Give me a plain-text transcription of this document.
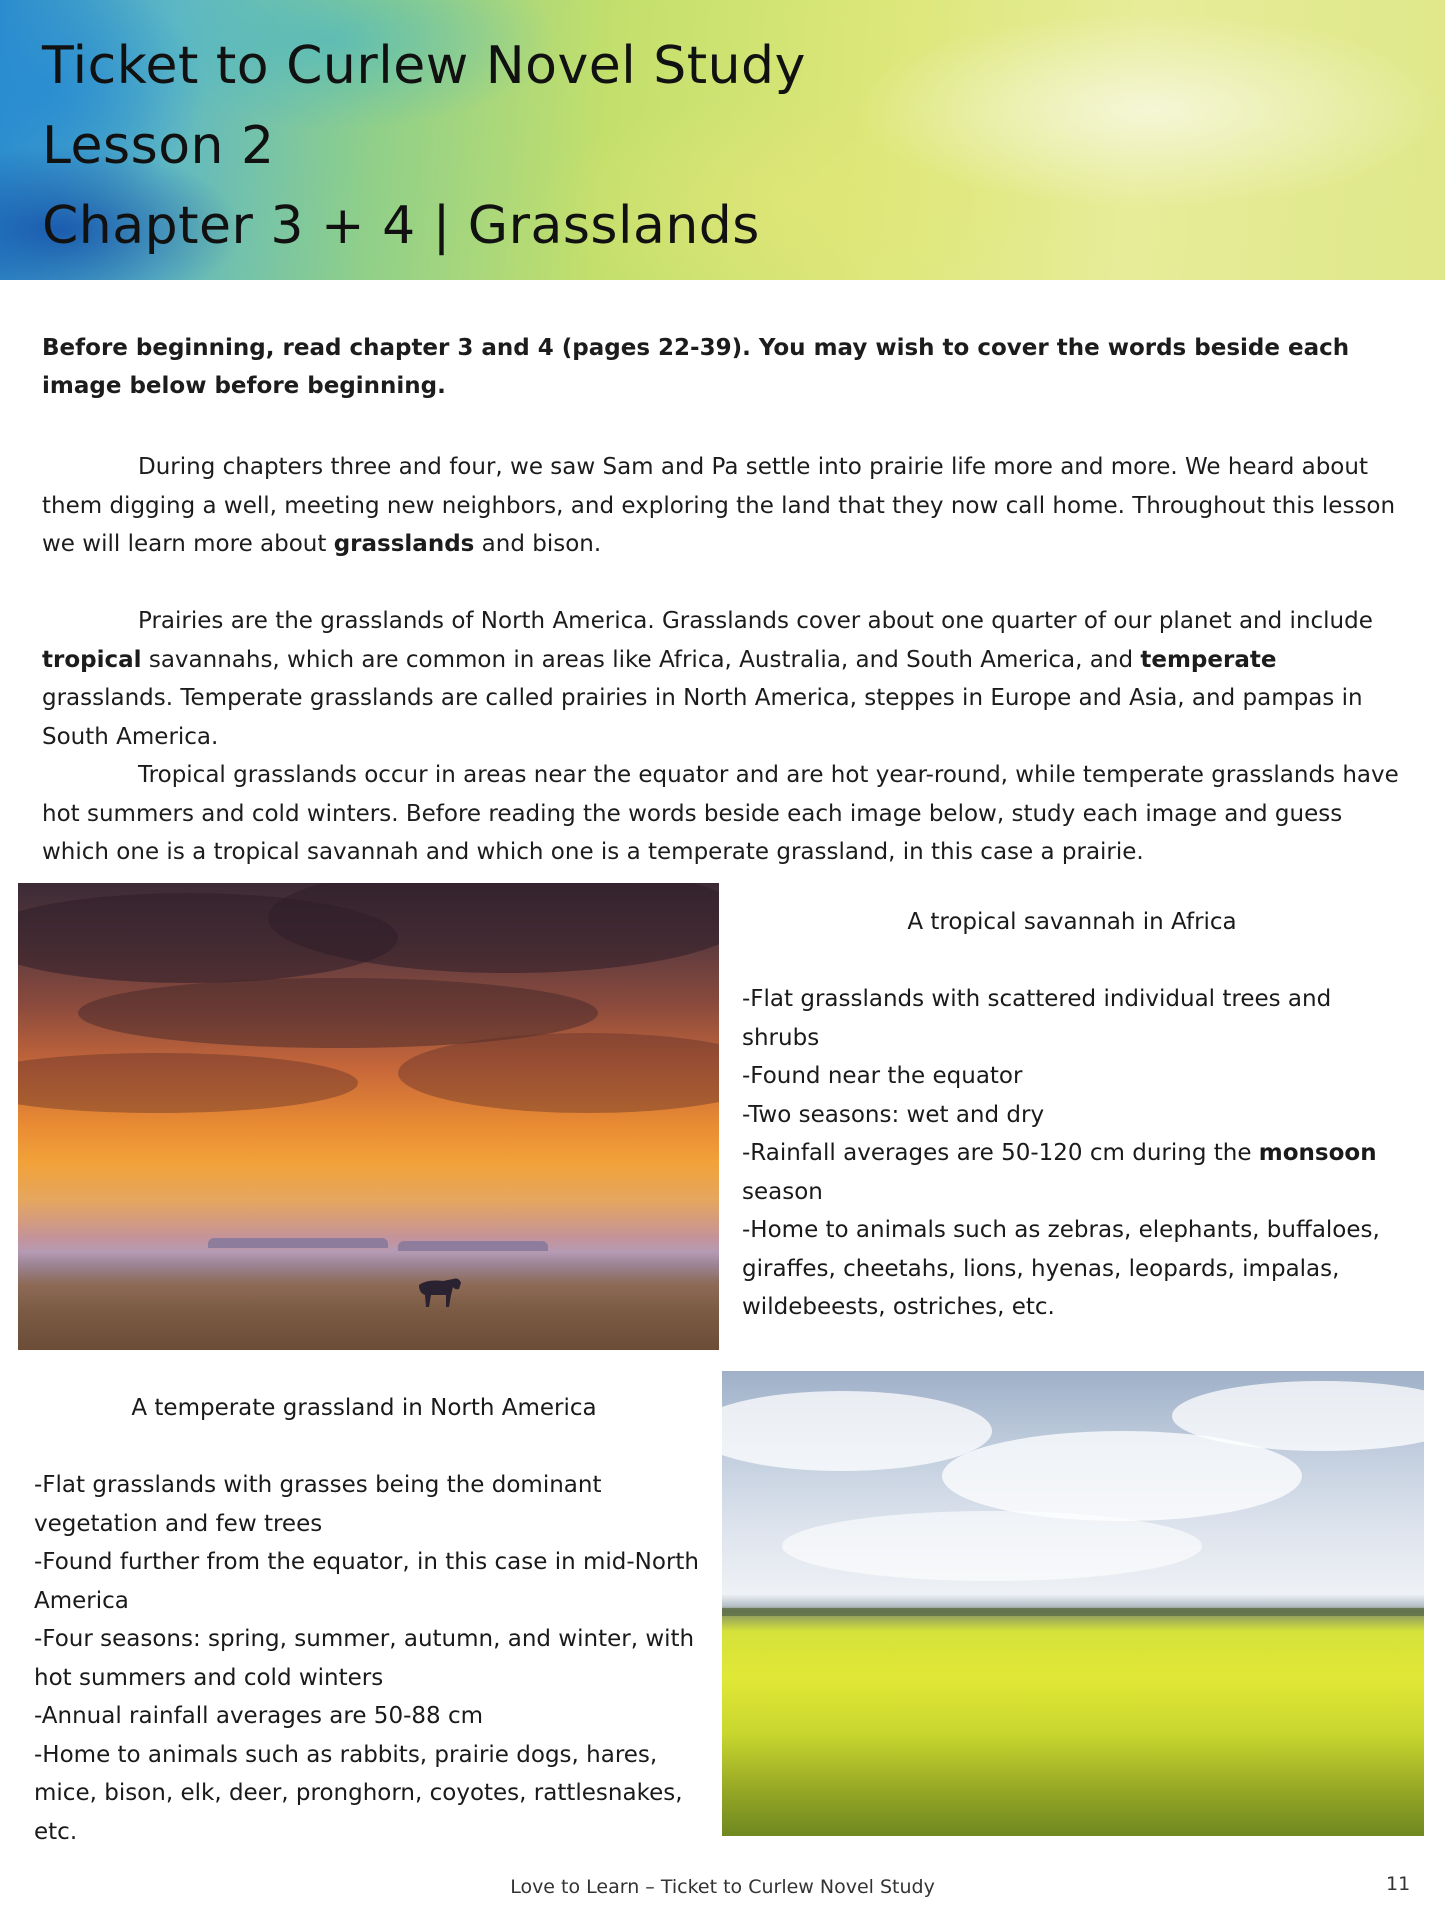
Ticket to Curlew Novel Study
Lesson 2
Chapter 3 + 4 | Grasslands
Before beginning, read chapter 3 and 4 (pages 22-39). You may wish to cover the words beside each image below before beginning.
During chapters three and four, we saw Sam and Pa settle into prairie life more and more. We heard about them digging a well, meeting new neighbors, and exploring the land that they now call home. Throughout this lesson we will learn more about grasslands and bison.
Prairies are the grasslands of North America. Grasslands cover about one quarter of our planet and include tropical savannahs, which are common in areas like Africa, Australia, and South America, and temperate grasslands. Temperate grasslands are called prairies in North America, steppes in Europe and Asia, and pampas in South America.
Tropical grasslands occur in areas near the equator and are hot year-round, while temperate grasslands have hot summers and cold winters. Before reading the words beside each image below, study each image and guess which one is a tropical savannah and which one is a temperate grassland, in this case a prairie.
A tropical savannah in Africa
-Flat grasslands with scattered individual trees and shrubs
-Found near the equator
-Two seasons: wet and dry
-Rainfall averages are 50-120 cm during the monsoon season
-Home to animals such as zebras, elephants, buffaloes, giraffes, cheetahs, lions, hyenas, leopards, impalas, wildebeests, ostriches, etc.
A temperate grassland in North America
-Flat grasslands with grasses being the dominant vegetation and few trees
-Found further from the equator, in this case in mid-North America
-Four seasons: spring, summer, autumn, and winter, with hot summers and cold winters
-Annual rainfall averages are 50-88 cm
-Home to animals such as rabbits, prairie dogs, hares, mice, bison, elk, deer, pronghorn, coyotes, rattlesnakes, etc.
Love to Learn – Ticket to Curlew Novel Study	11
